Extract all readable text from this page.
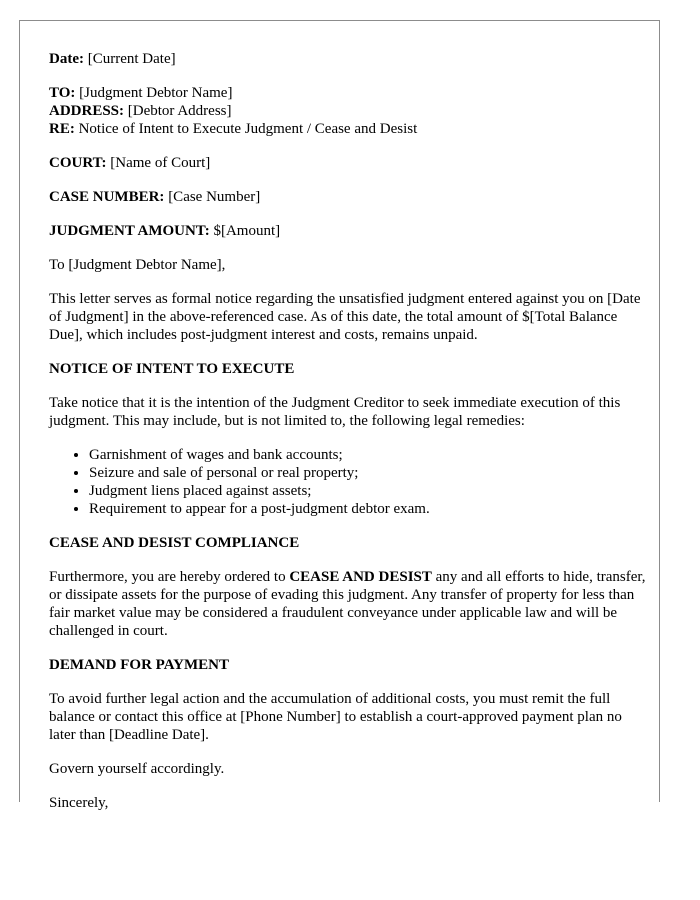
Date: [Current Date]

TO: [Judgment Debtor Name]

ADDRESS: [Debtor Address]

RE: Notice of Intent to Execute Judgment / Cease and Desist

COURT: [Name of Court]

CASE NUMBER: [Case Number]

JUDGMENT AMOUNT: $[Amount]

To [Judgment Debtor Name],

This letter serves as formal notice regarding the unsatisfied judgment entered against you on [Date of Judgment] in the above-referenced case. As of this date, the total amount of $[Total Balance Due], which includes post-judgment interest and costs, remains unpaid.

NOTICE OF INTENT TO EXECUTE

Take notice that it is the intention of the Judgment Creditor to seek immediate execution of this judgment. This may include, but is not limited to, the following legal remedies:

• Garnishment of wages and bank accounts;
• Seizure and sale of personal or real property;
• Judgment liens placed against assets;
• Requirement to appear for a post-judgment debtor exam.

CEASE AND DESIST COMPLIANCE

Furthermore, you are hereby ordered to CEASE AND DESIST any and all efforts to hide, transfer, or dissipate assets for the purpose of evading this judgment. Any transfer of property for less than fair market value may be considered a fraudulent conveyance under applicable law and will be challenged in court.

DEMAND FOR PAYMENT

To avoid further legal action and the accumulation of additional costs, you must remit the full balance or contact this office at [Phone Number] to establish a court-approved payment plan no later than [Deadline Date].

Govern yourself accordingly.

Sincerely,
